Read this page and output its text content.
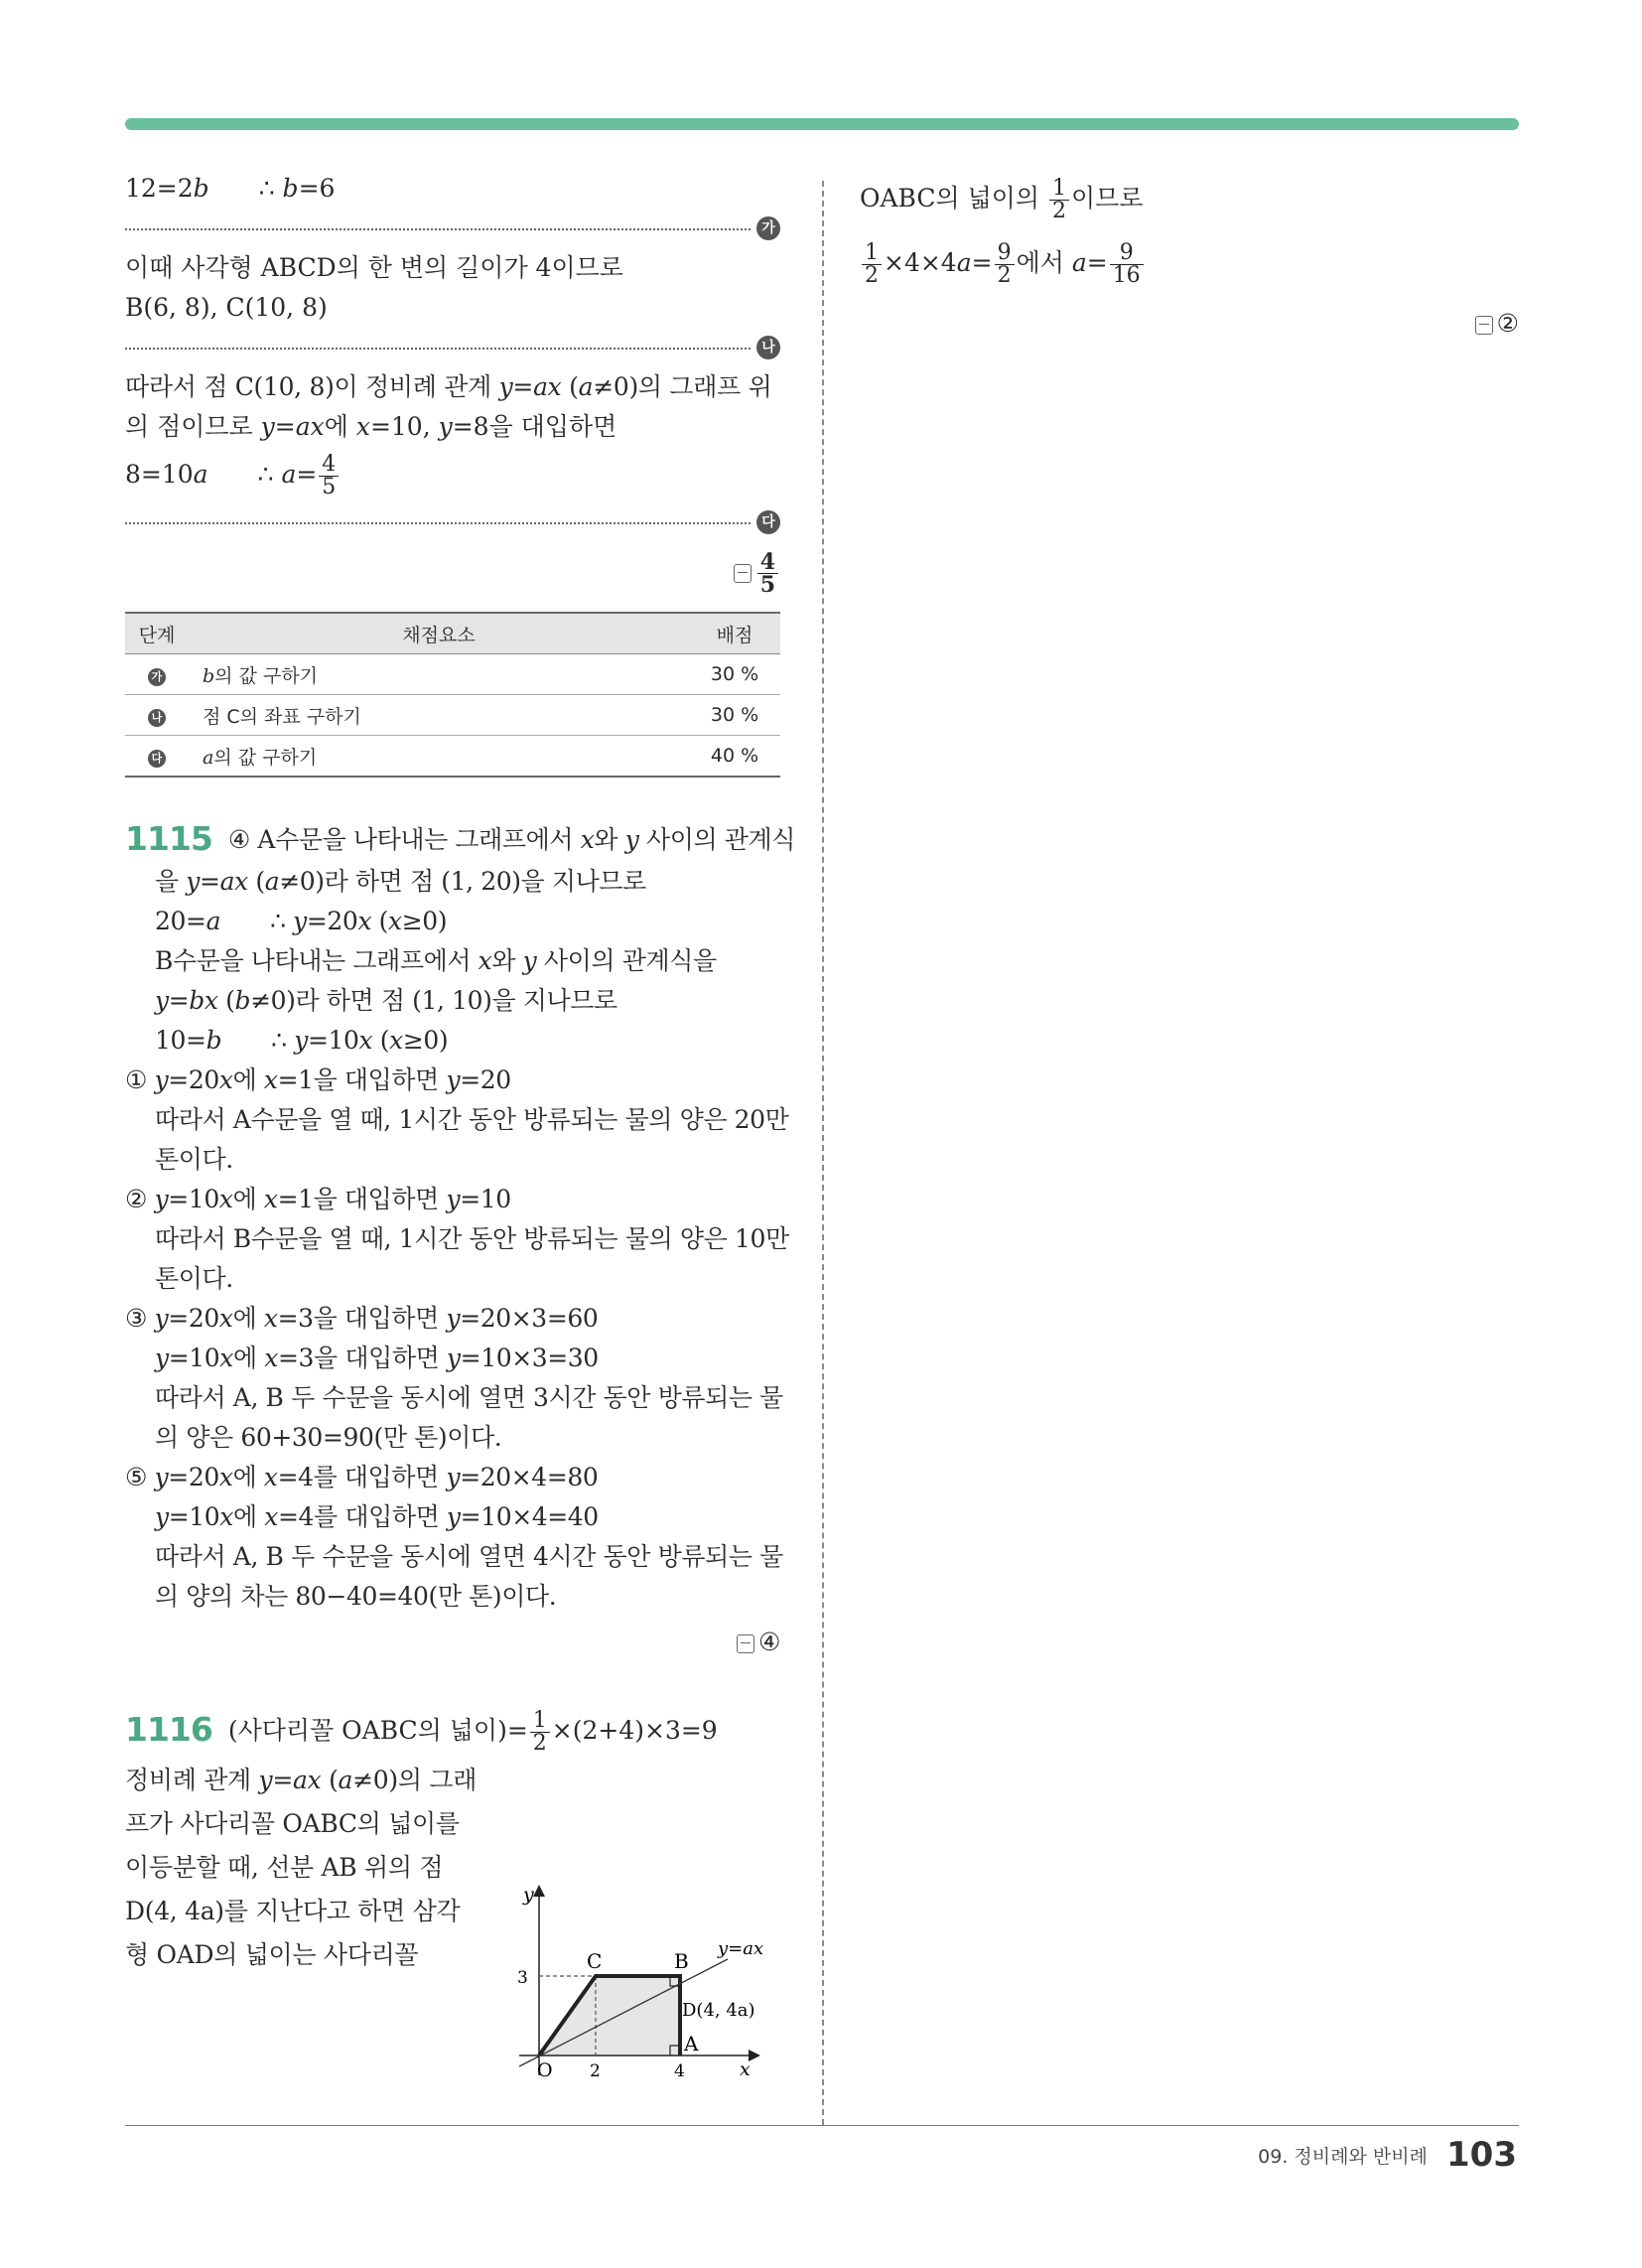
12=2b ∴ b=6
가
이때 사각형 ABCD의 한 변의 길이가 4이므로
B(6, 8), C(10, 8)
나
따라서 점 C(10, 8)이 정비례 관계 y=ax (a≠0)의 그래프 위
의 점이므로 y=ax에 x=10, y=8을 대입하면
8=10a ∴ $a= \frac{4}{5}$
다
$\frac{4}{5}$
단계	채점요소	배점
가	b의 값 구하기	30 %
나	점 C의 좌표 구하기	30 %
다	a의 값 구하기	40 %
1115 ④ A수문을 나타내는 그래프에서 x와 y 사이의 관계식
을 y=ax (a≠0)라 하면 점 (1, 20)을 지나므로
20=a ∴ y=20x (x≥0)
B수문을 나타내는 그래프에서 x와 y 사이의 관계식을
y=bx (b≠0)라 하면 점 (1, 10)을 지나므로
10=b ∴ y=10x (x≥0)
① y=20x에 x=1을 대입하면 y=20
따라서 A수문을 열 때, 1시간 동안 방류되는 물의 양은 20만
톤이다.
② y=10x에 x=1을 대입하면 y=10
따라서 B수문을 열 때, 1시간 동안 방류되는 물의 양은 10만
톤이다.
③ y=20x에 x=3을 대입하면 y=20×3=60
y=10x에 x=3을 대입하면 y=10×3=30
따라서 A, B 두 수문을 동시에 열면 3시간 동안 방류되는 물
의 양은 60+30=90(만 톤)이다.
⑤ y=20x에 x=4를 대입하면 y=20×4=80
y=10x에 x=4를 대입하면 y=10×4=40
따라서 A, B 두 수문을 동시에 열면 4시간 동안 방류되는 물
의 양의 차는 80−40=40(만 톤)이다.
④
1116 (사다리꼴 OABC의 넓이)= $\frac{1}{2} \times(2+4)\times 3=9$
정비례 관계 y=ax (a≠0)의 그래
프가 사다리꼴 OABC의 넓이를
이등분할 때, 선분 AB 위의 점
D(4, 4a)를 지난다고 하면 삼각
형 OAD의 넓이는 사다리꼴
y
3
O 2	4	x
C	B
A
D(4, 4a)
y=ax
OABC의 넓이의 $\frac{1}{2}$ 이므로
$\frac{1}{2} \times 4\times 4a= \frac{9}{2}$ 에서 $a= \frac{9}{16}$
②
09. 정비례와 반비례 103
